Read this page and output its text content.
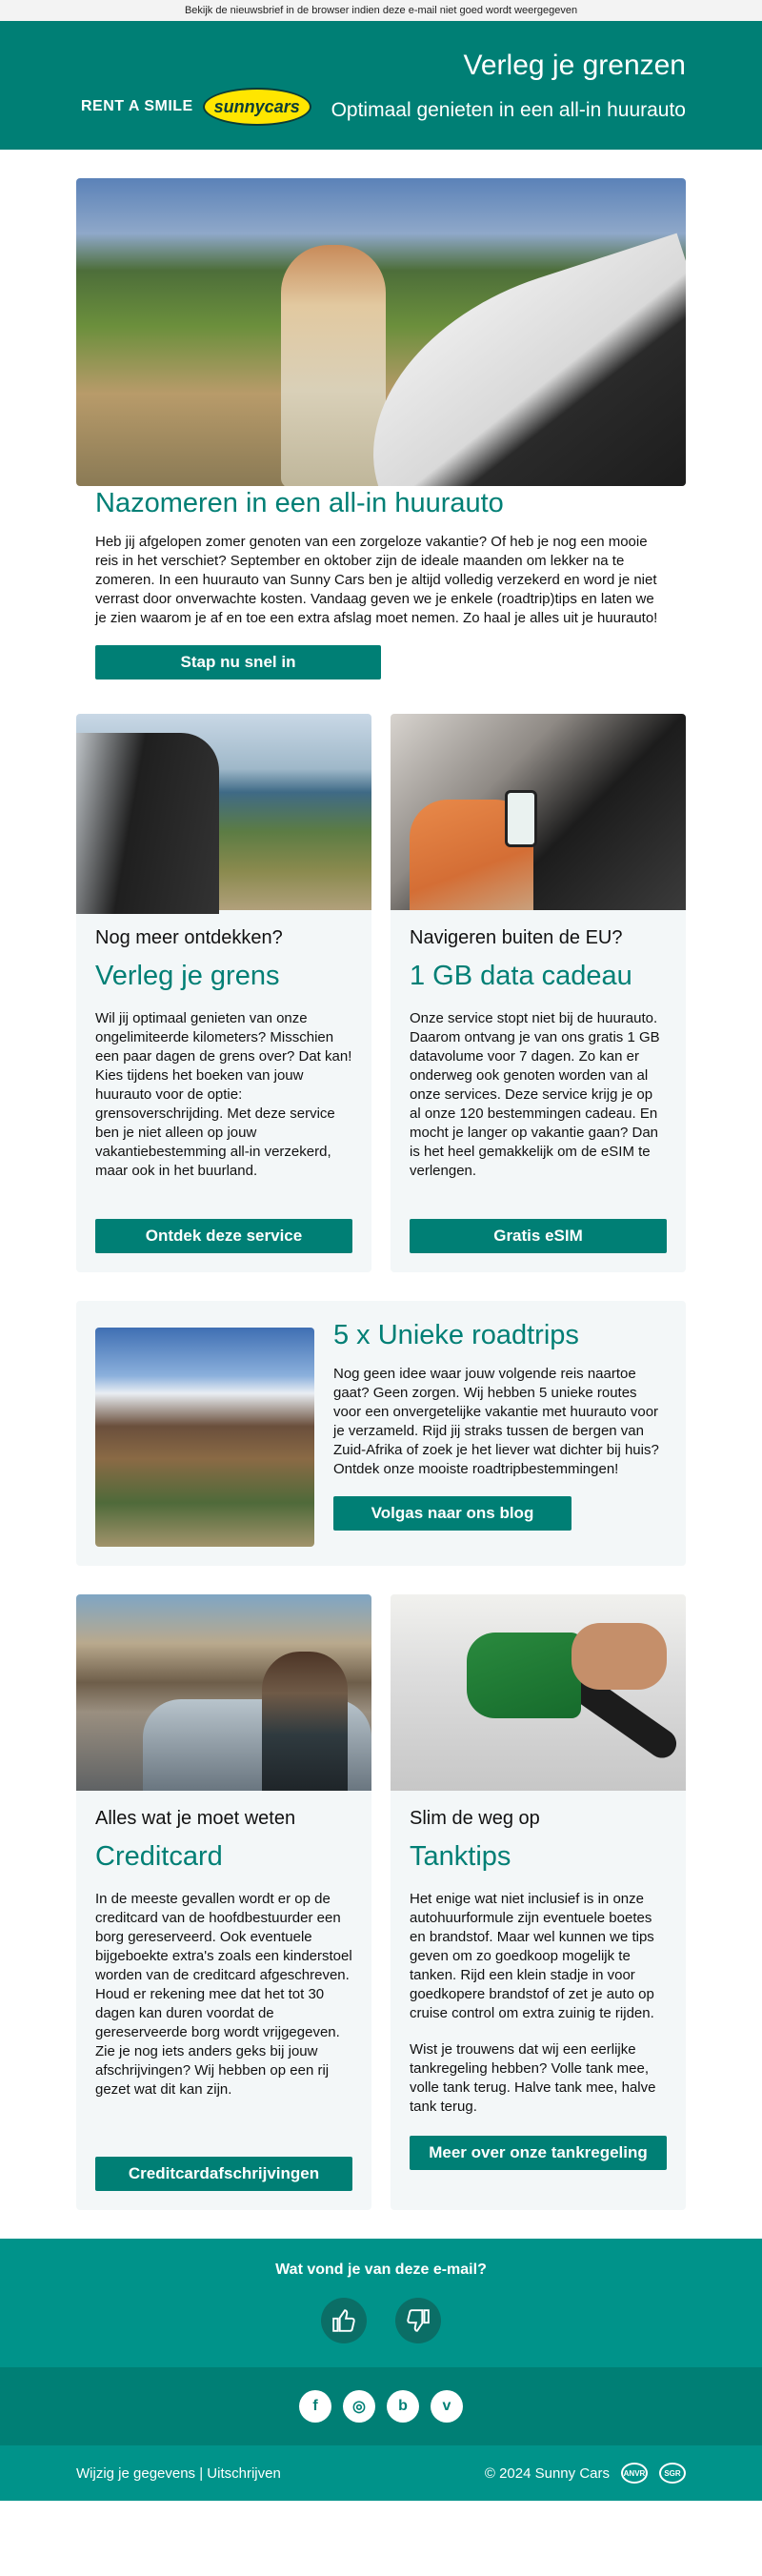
Bekijk de nieuwsbrief in de browser indien deze e-mail niet goed wordt weergegeven
RENT A SMILE	sunnycars
Verleg je grenzen
Optimaal genieten in een all-in huurauto
Nazomeren in een all-in huurauto

Heb jij afgelopen zomer genoten van een zorgeloze vakantie? Of heb je nog een mooie reis in het verschiet? September en oktober zijn de ideale maanden om lekker na te zomeren. In een huurauto van Sunny Cars ben je altijd volledig verzekerd en word je niet verrast door onverwachte kosten. Vandaag geven we je enkele (roadtrip)tips en laten we je zien waarom je af en toe een extra afslag moet nemen. Zo haal je alles uit je huurauto!

Stap nu snel in
Nog meer ontdekken?
Verleg je grens

Wil jij optimaal genieten van onze ongelimiteerde kilometers? Misschien een paar dagen de grens over? Dat kan! Kies tijdens het boeken van jouw huurauto voor de optie: grensoverschrijding. Met deze service ben je niet alleen op jouw vakantiebestemming all-in verzekerd, maar ook in het buurland.

Ontdek deze service
Navigeren buiten de EU?
1 GB data cadeau

Onze service stopt niet bij de huurauto. Daarom ontvang je van ons gratis 1 GB datavolume voor 7 dagen. Zo kan er onderweg ook genoten worden van al onze services. Deze service krijg je op al onze 120 bestemmingen cadeau. En mocht je langer op vakantie gaan? Dan is het heel gemakkelijk om de eSIM te verlengen.

Gratis eSIM
5 x Unieke roadtrips

Nog geen idee waar jouw volgende reis naartoe gaat? Geen zorgen. Wij hebben 5 unieke routes voor een onvergetelijke vakantie met huurauto voor je verzameld. Rijd jij straks tussen de bergen van Zuid-Afrika of zoek je het liever wat dichter bij huis? Ontdek onze mooiste roadtripbestemmingen!

Volgas naar ons blog
Alles wat je moet weten
Creditcard

In de meeste gevallen wordt er op de creditcard van de hoofdbestuurder een borg gereserveerd. Ook eventuele bijgeboekte extra's zoals een kinderstoel worden van de creditcard afgeschreven. Houd er rekening mee dat het tot 30 dagen kan duren voordat de gereserveerde borg wordt vrijgegeven. Zie je nog iets anders geks bij jouw afschrijvingen? Wij hebben op een rij gezet wat dit kan zijn.

Creditcardafschrijvingen
Slim de weg op
Tanktips

Het enige wat niet inclusief is in onze autohuurformule zijn eventuele boetes en brandstof. Maar wel kunnen we tips geven om zo goedkoop mogelijk te tanken. Rijd een klein stadje in voor goedkopere brandstof of zet je auto op cruise control om extra zuinig te rijden.

Wist je trouwens dat wij een eerlijke tankregeling hebben? Volle tank mee, volle tank terug. Halve tank mee, halve tank terug.

Meer over onze tankregeling
Wat vond je van deze e-mail?
f	◎	b	v
Wijzig je gegevens | Uitschrijven	© 2024 Sunny Cars	ANVR	SGR
